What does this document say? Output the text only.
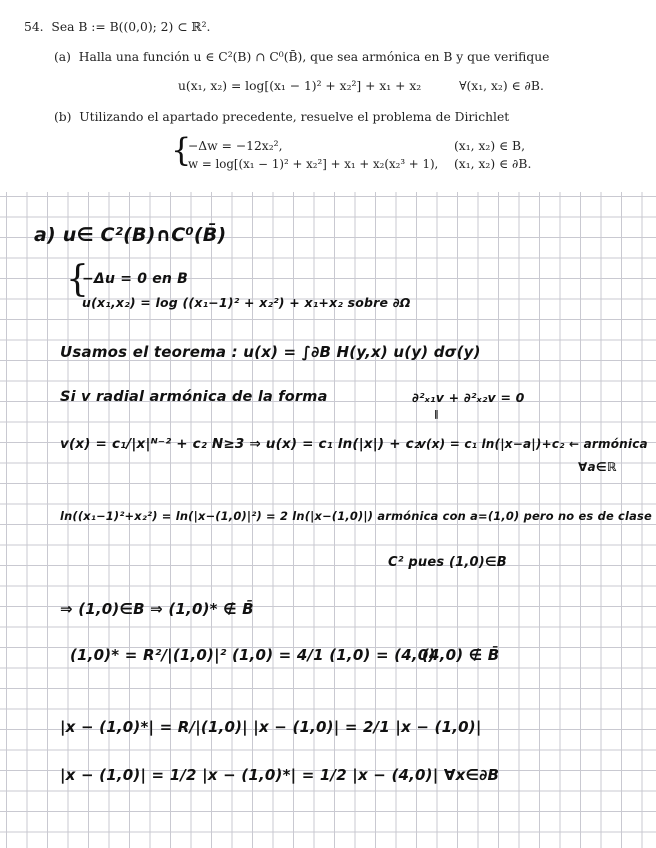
54. Sea B := B((0,0); 2) ⊂ ℝ².
(a) Halla una función u ∈ C²(B) ∩ C⁰(B̄), que sea armónica en B y que verifique
u(x₁, x₂) = log[(x₁ − 1)² + x₂²] + x₁ + x₂	∀(x₁, x₂) ∈ ∂B.
(b) Utilizando el apartado precedente, resuelve el problema de Dirichlet
{
−Δw = −12x₂²,	(x₁, x₂) ∈ B,
w = log[(x₁ − 1)² + x₂²] + x₁ + x₂(x₂³ + 1), (x₁, x₂) ∈ ∂B.
a) u∈ C²(B)∩C⁰(B̄)
{
−Δu = 0 en B
u(x₁,x₂) = log ((x₁−1)² + x₂²) + x₁+x₂ sobre ∂Ω
Usamos el teorema : u(x) = ∫∂B H(y,x) u(y) dσ(y)
Si v radial armónica de la forma	∂²ₓ₁v + ∂²ₓ₂v = 0
‖
v(x) = c₁/|x|ᴺ⁻² + c₂ N≥3 ⇒ u(x) = c₁ ln(|x|) + c₂
v(x) = c₁ ln(|x−a|)+c₂ ← armónica
∀a∈ℝ
ln((x₁−1)²+x₂²) = ln(|x−(1,0)|²) = 2 ln(|x−(1,0)|) armónica con a=(1,0) pero no es de clase
C² pues (1,0)∈B
⇒ (1,0)∈B ⇒ (1,0)* ∉ B̄
(1,0)* = R²/|(1,0)|² (1,0) = 4/1 (1,0) = (4,0)
(4,0) ∉ B̄
|x − (1,0)*| = R/|(1,0)| |x − (1,0)| = 2/1 |x − (1,0)|
|x − (1,0)| = 1/2 |x − (1,0)*| = 1/2 |x − (4,0)| ∀x∈∂B
